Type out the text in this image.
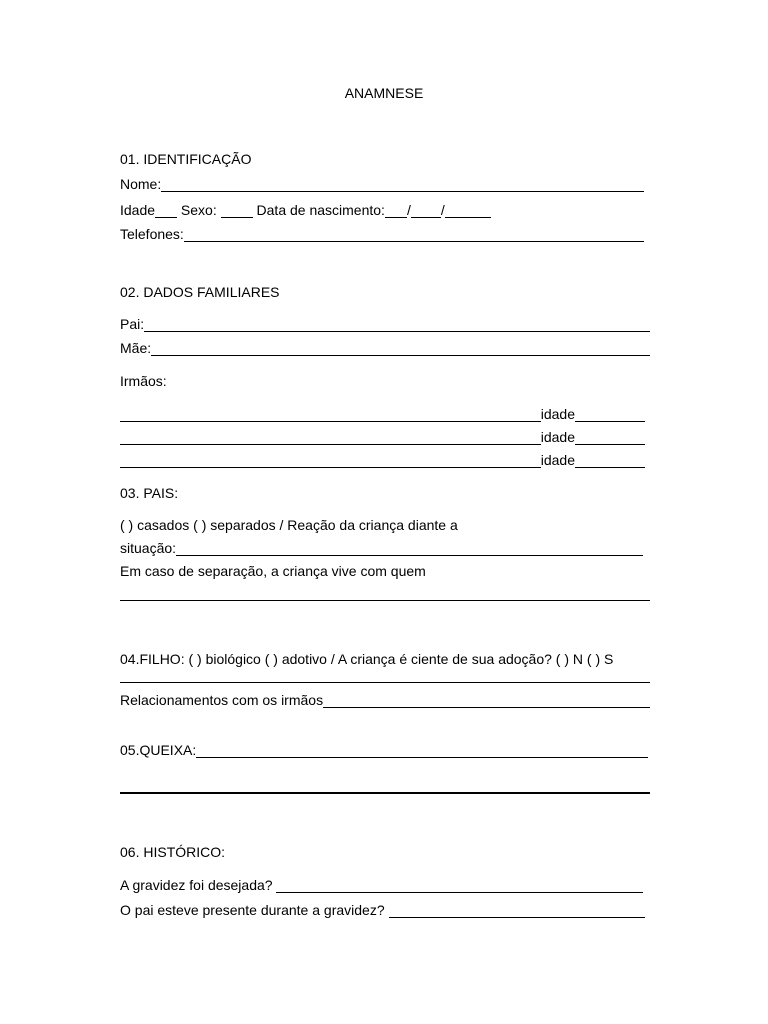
ANAMNESE
01. IDENTIFICAÇÃO
Nome:
Idade Sexo: Data de nascimento: / /
Telefones:
02. DADOS FAMILIARES
Pai:
Mãe:
Irmãos:
idade
idade
idade
03. PAIS:
( ) casados ( ) separados / Reação da criança diante a
situação:
Em caso de separação, a criança vive com quem
04.FILHO: ( ) biológico ( ) adotivo / A criança é ciente de sua adoção? ( ) N ( ) S
Relacionamentos com os irmãos
05.QUEIXA:
06. HISTÓRICO:
A gravidez foi desejada?
O pai esteve presente durante a gravidez?
